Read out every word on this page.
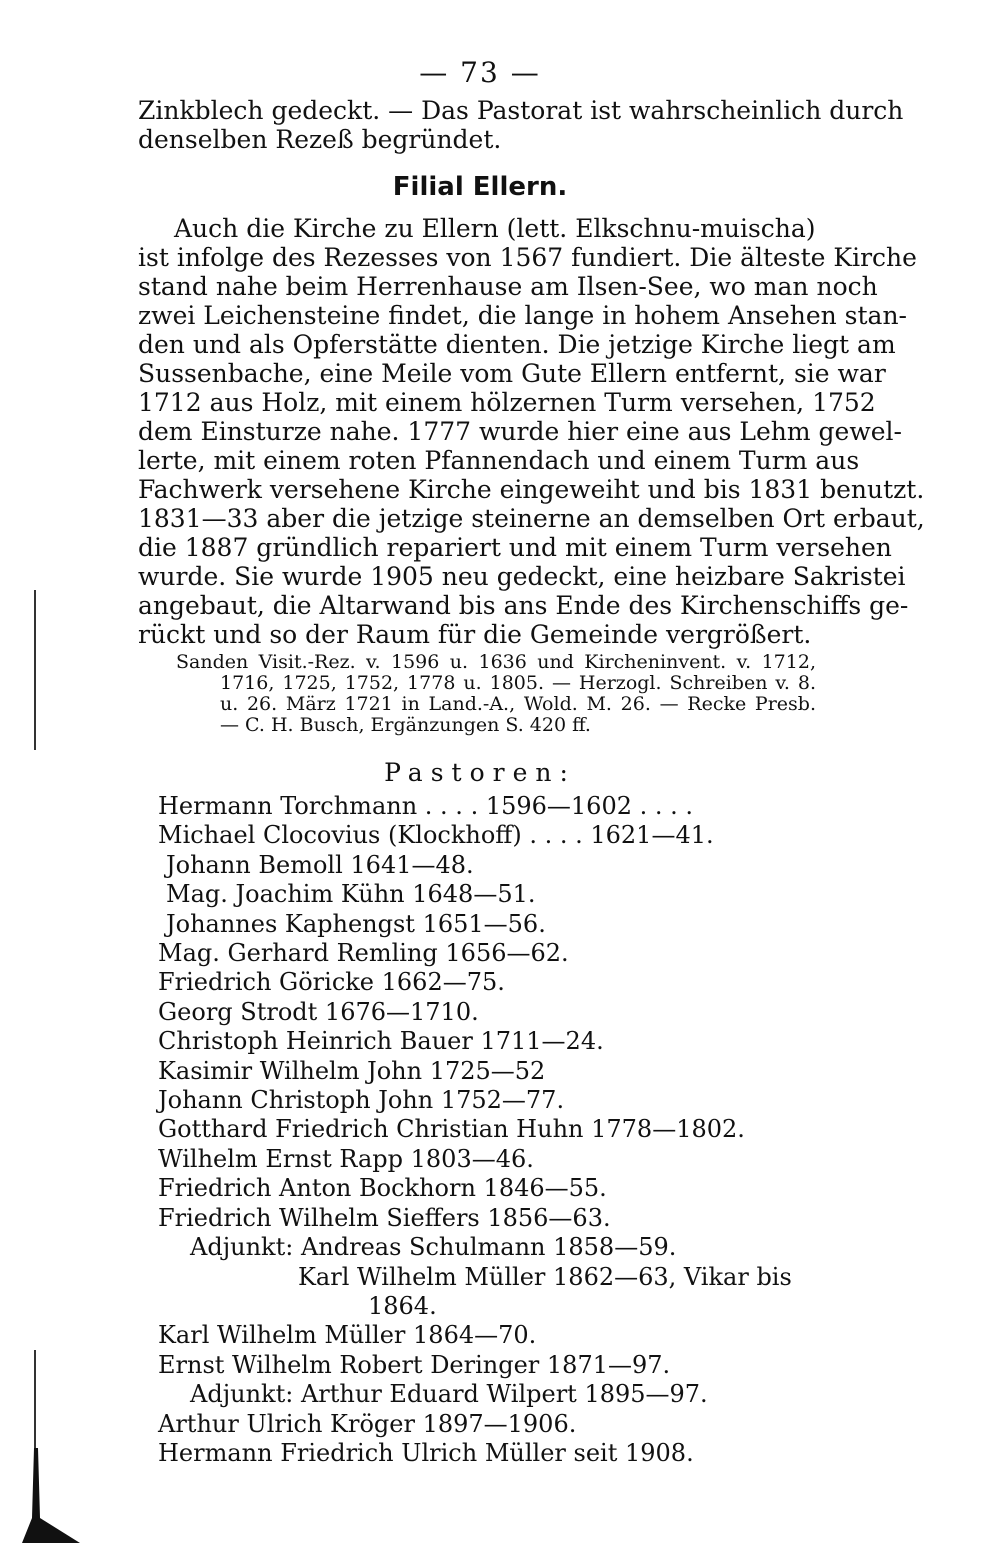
— 73 —
Zinkblech gedeckt. — Das Pastorat ist wahrscheinlich durch
denselben Rezeß begründet.
Filial Ellern.
Auch die Kirche zu Ellern (lett. Elkschnu-muischa)
ist infolge des Rezesses von 1567 fundiert. Die älteste Kirche
stand nahe beim Herrenhause am Ilsen-See, wo man noch
zwei Leichensteine findet, die lange in hohem Ansehen stan-
den und als Opferstätte dienten. Die jetzige Kirche liegt am
Sussenbache, eine Meile vom Gute Ellern entfernt, sie war
1712 aus Holz, mit einem hölzernen Turm versehen, 1752
dem Einsturze nahe. 1777 wurde hier eine aus Lehm gewel-
lerte, mit einem roten Pfannendach und einem Turm aus
Fachwerk versehene Kirche eingeweiht und bis 1831 benutzt.
1831—33 aber die jetzige steinerne an demselben Ort erbaut,
die 1887 gründlich repariert und mit einem Turm versehen
wurde. Sie wurde 1905 neu gedeckt, eine heizbare Sakristei
angebaut, die Altarwand bis ans Ende des Kirchenschiffs ge-
rückt und so der Raum für die Gemeinde vergrößert.
Sanden Visit.-Rez. v. 1596 u. 1636 und Kircheninvent. v. 1712,
1716, 1725, 1752, 1778 u. 1805. — Herzogl. Schreiben v. 8.
u. 26. März 1721 in Land.-A., Wold. M. 26. — Recke Presb.
— C. H. Busch, Ergänzungen S. 420 ff.
Pastoren:
Hermann Torchmann . . . . 1596—1602 . . . .
Michael Clocovius (Klockhoff) . . . . 1621—41.
Johann Bemoll 1641—48.
Mag. Joachim Kühn 1648—51.
Johannes Kaphengst 1651—56.
Mag. Gerhard Remling 1656—62.
Friedrich Göricke 1662—75.
Georg Strodt 1676—1710.
Christoph Heinrich Bauer 1711—24.
Kasimir Wilhelm John 1725—52
Johann Christoph John 1752—77.
Gotthard Friedrich Christian Huhn 1778—1802.
Wilhelm Ernst Rapp 1803—46.
Friedrich Anton Bockhorn 1846—55.
Friedrich Wilhelm Sieffers 1856—63.
Adjunkt: Andreas Schulmann 1858—59.
Karl Wilhelm Müller 1862—63, Vikar bis
1864.
Karl Wilhelm Müller 1864—70.
Ernst Wilhelm Robert Deringer 1871—97.
Adjunkt: Arthur Eduard Wilpert 1895—97.
Arthur Ulrich Kröger 1897—1906.
Hermann Friedrich Ulrich Müller seit 1908.
